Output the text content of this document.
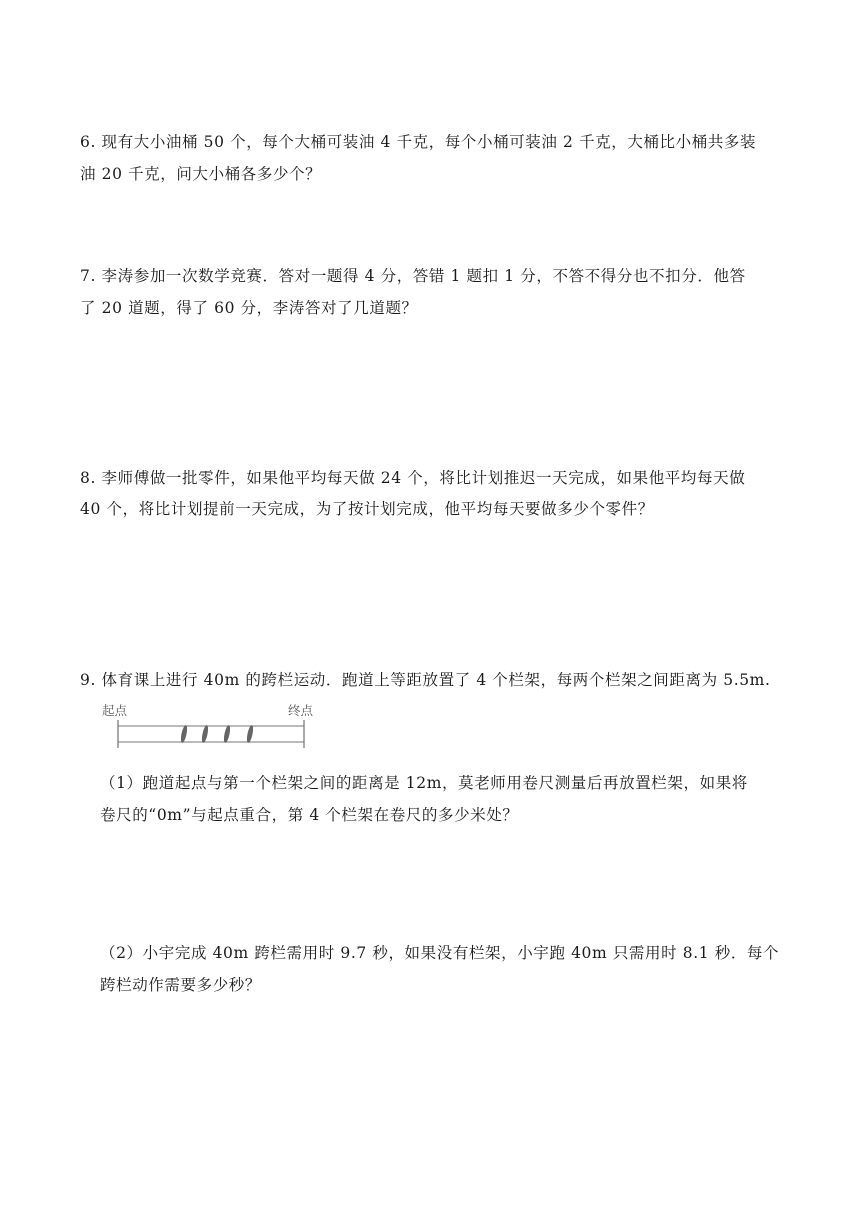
6. 现有大小油桶 50 个，每个大桶可装油 4 千克，每个小桶可装油 2 千克，大桶比小桶共多装
油 20 千克，问大小桶各多少个？
7. 李涛参加一次数学竞赛．答对一题得 4 分，答错 1 题扣 1 分，不答不得分也不扣分．他答
了 20 道题，得了 60 分，李涛答对了几道题？
8. 李师傅做一批零件，如果他平均每天做 24 个，将比计划推迟一天完成，如果他平均每天做
40 个，将比计划提前一天完成，为了按计划完成，他平均每天要做多少个零件？
9. 体育课上进行 40m 的跨栏运动．跑道上等距放置了 4 个栏架，每两个栏架之间距离为 5.5m.
起点	终点
（1）跑道起点与第一个栏架之间的距离是 12m，莫老师用卷尺测量后再放置栏架，如果将
卷尺的“0m”与起点重合，第 4 个栏架在卷尺的多少米处？
（2）小宇完成 40m 跨栏需用时 9.7 秒，如果没有栏架，小宇跑 40m 只需用时 8.1 秒．每个
跨栏动作需要多少秒？
